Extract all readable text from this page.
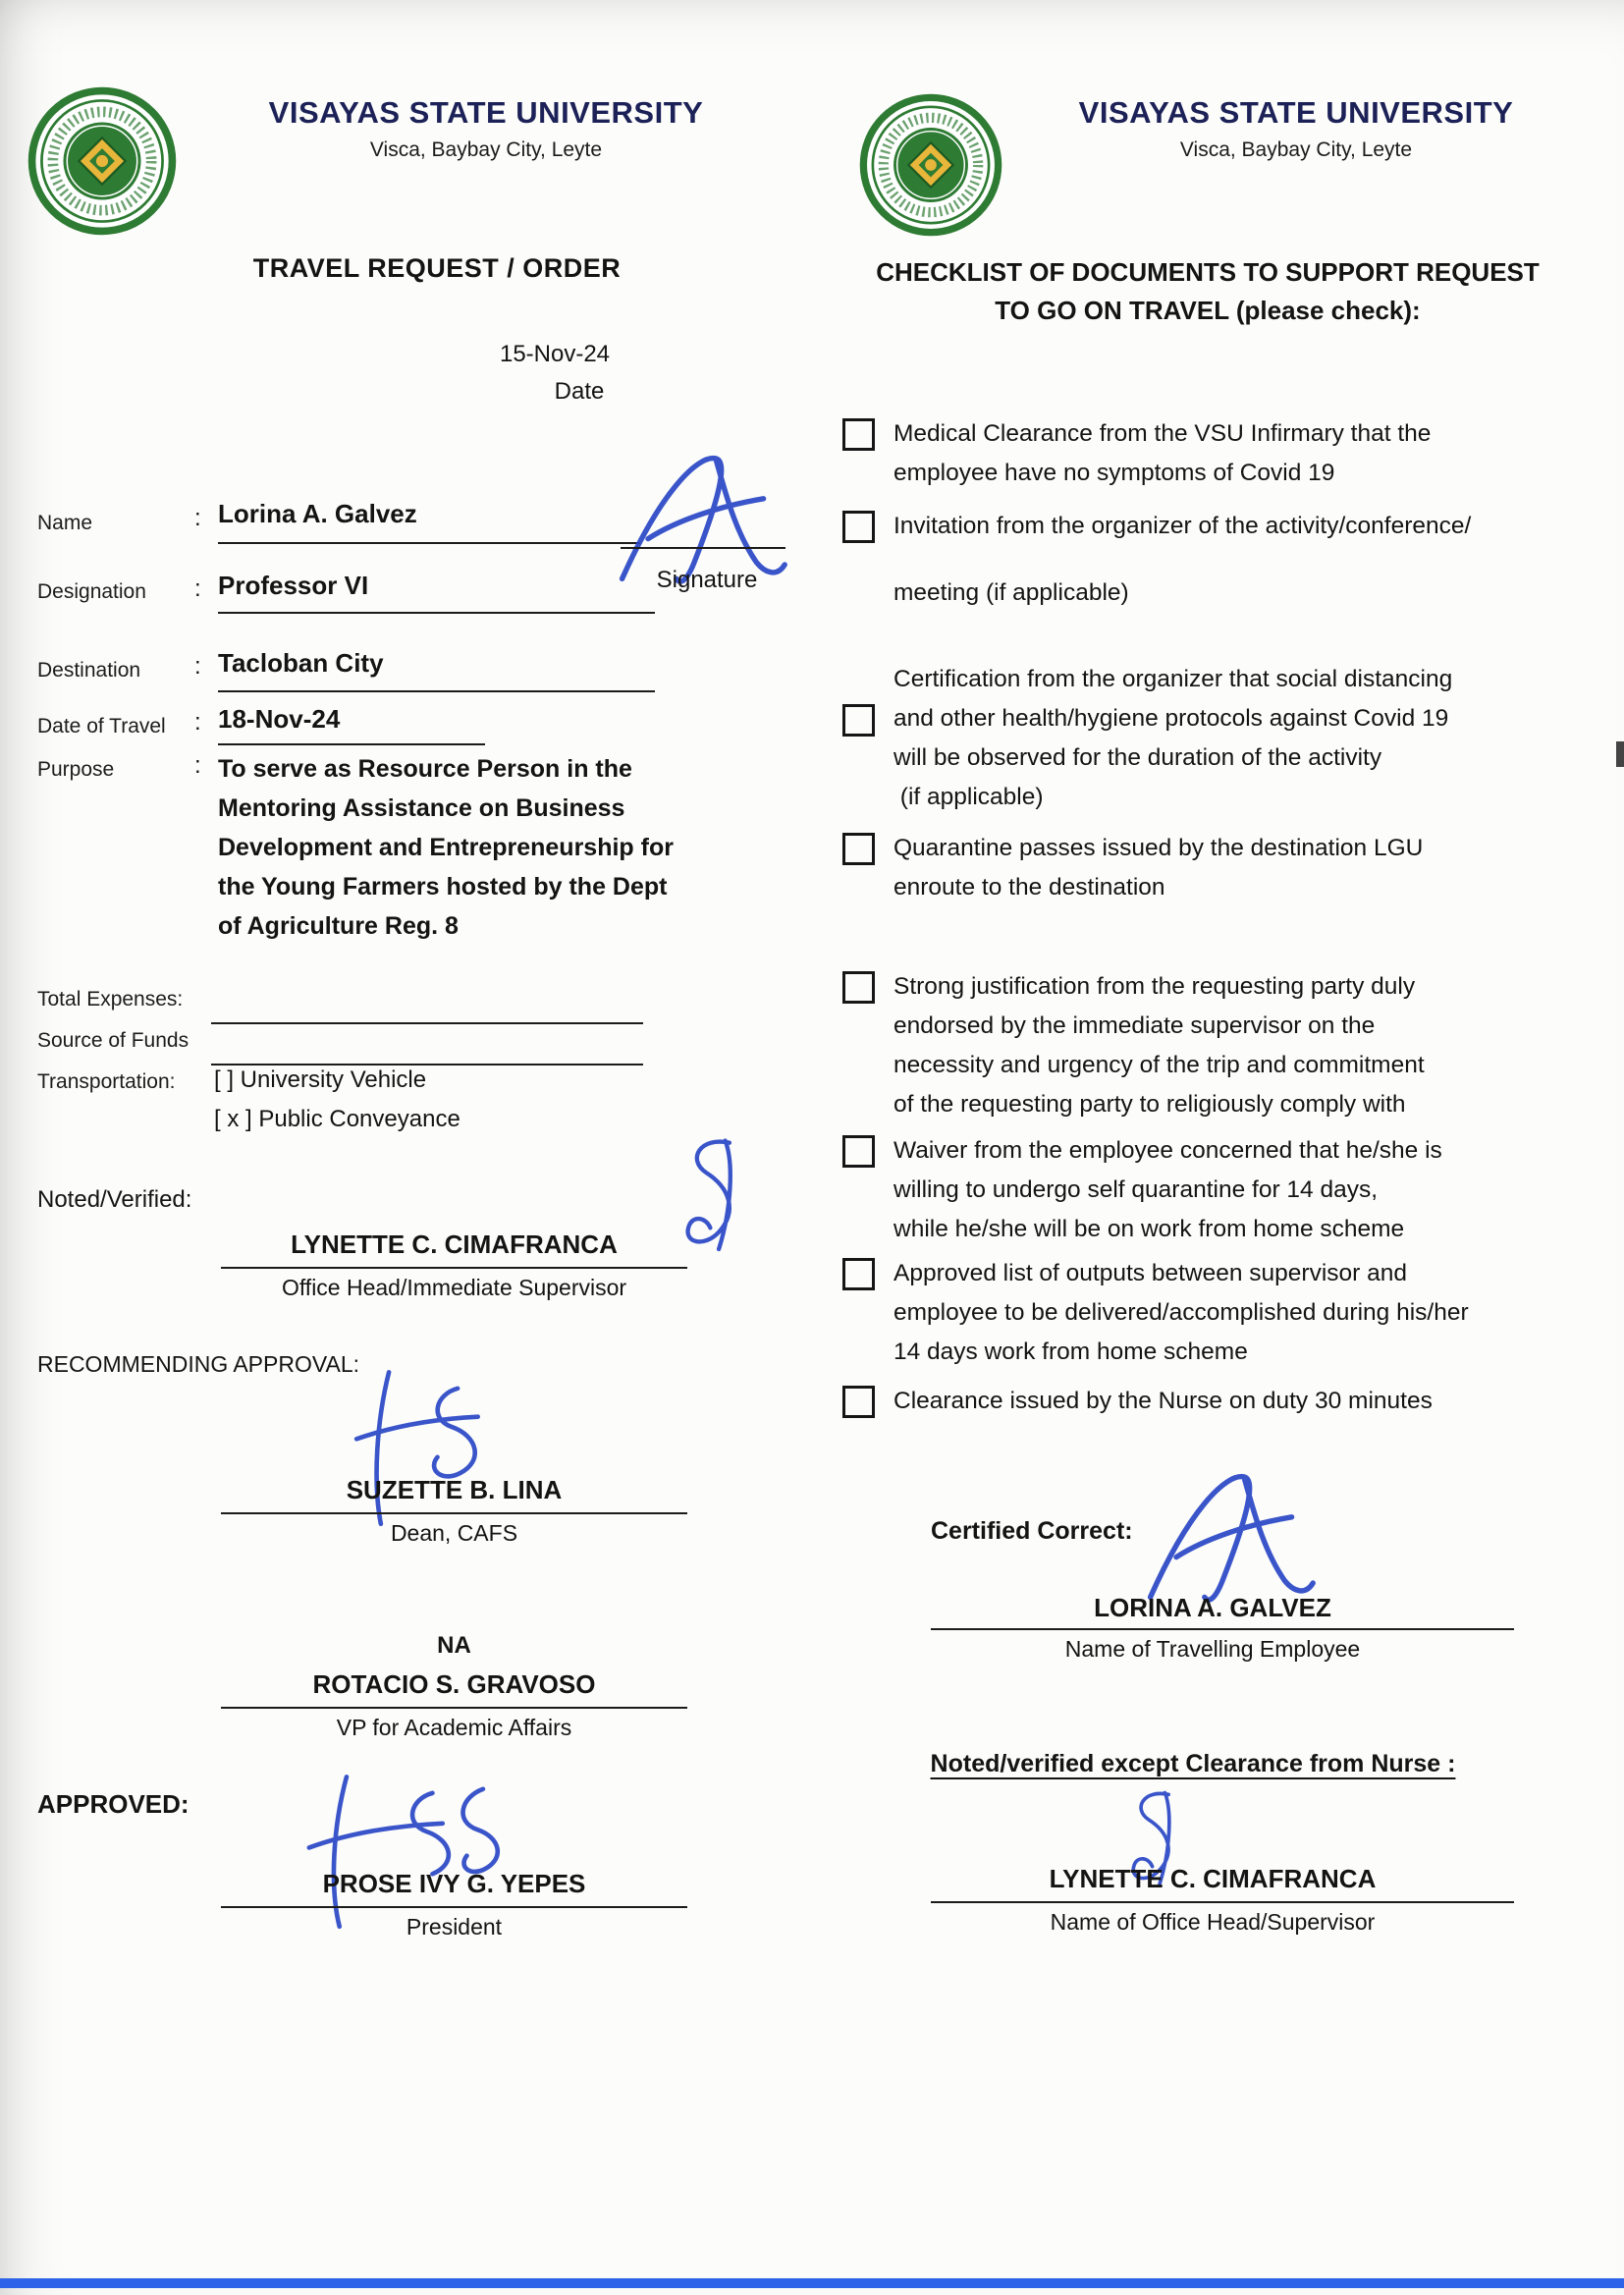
VISAYAS STATE UNIVERSITY
Visca, Baybay City, Leyte
TRAVEL REQUEST / ORDER
15-Nov-24
Date
Name	: Lorina A. Galvez
Signature
Designation : Professor VI
Destination : Tacloban City
Date of Travel : 18-Nov-24
Purpose	: To serve as Resource Person in the
Mentoring Assistance on Business
Development and Entrepreneurship for
the Young Farmers hosted by the Dept
of Agriculture Reg. 8
Total Expenses:
Source of Funds
Transportation: [ ] University Vehicle
[ x ] Public Conveyance
Noted/Verified:
LYNETTE C. CIMAFRANCA
Office Head/Immediate Supervisor
RECOMMENDING APPROVAL:
SUZETTE B. LINA
Dean, CAFS
NA
ROTACIO S. GRAVOSO
VP for Academic Affairs
APPROVED:
PROSE IVY G. YEPES
President
VISAYAS STATE UNIVERSITY
Visca, Baybay City, Leyte
CHECKLIST OF DOCUMENTS TO SUPPORT REQUEST
TO GO ON TRAVEL (please check):
Medical Clearance from the VSU Infirmary that the
employee have no symptoms of Covid 19
Invitation from the organizer of the activity/conference/
meeting (if applicable)
Certification from the organizer that social distancing
and other health/hygiene protocols against Covid 19
will be observed for the duration of the activity
(if applicable)
Quarantine passes issued by the destination LGU
enroute to the destination
Strong justification from the requesting party duly
endorsed by the immediate supervisor on the
necessity and urgency of the trip and commitment
of the requesting party to religiously comply with
Waiver from the employee concerned that he/she is
willing to undergo self quarantine for 14 days,
while he/she will be on work from home scheme
Approved list of outputs between supervisor and
employee to be delivered/accomplished during his/her
14 days work from home scheme
Clearance issued by the Nurse on duty 30 minutes
Certified Correct:
LORINA A. GALVEZ
Name of Travelling Employee
Noted/verified except Clearance from Nurse :
LYNETTE C. CIMAFRANCA
Name of Office Head/Supervisor
